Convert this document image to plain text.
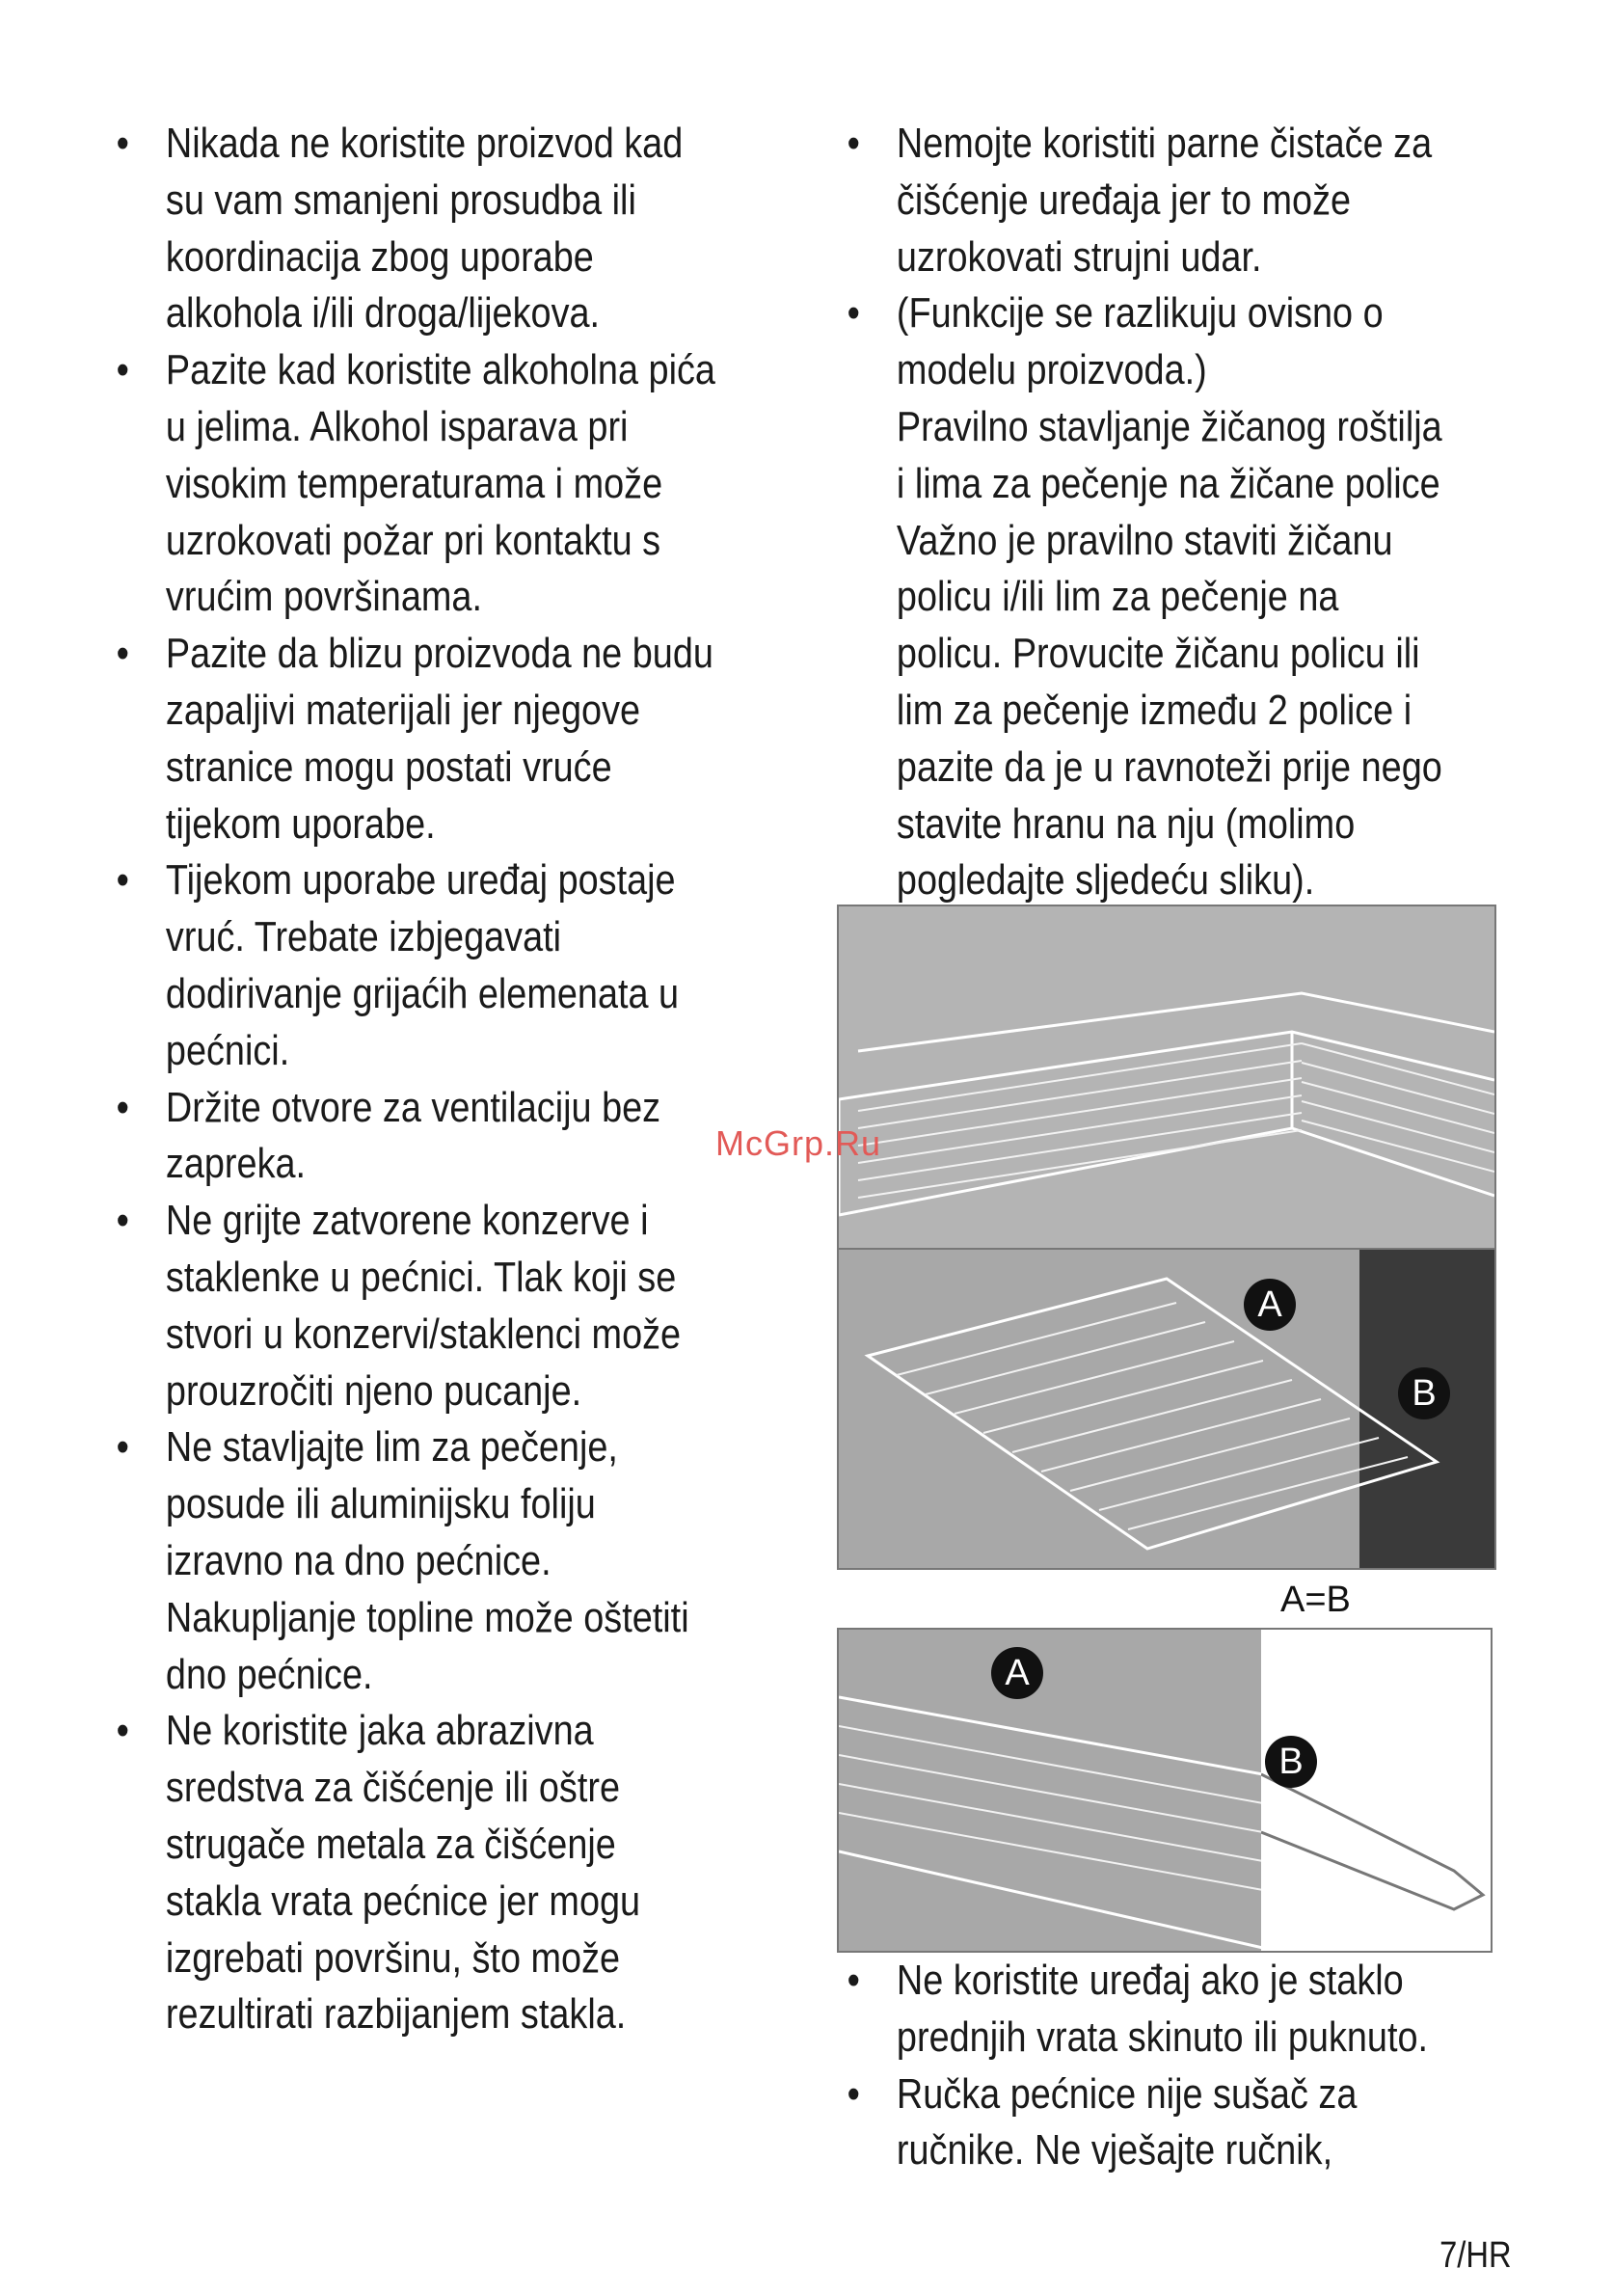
• Nikada ne koristite proizvod kad
su vam smanjeni prosudba ili
koordinacija zbog uporabe
alkohola i/ili droga/lijekova.
• Pazite kad koristite alkoholna pića
u jelima. Alkohol isparava pri
visokim temperaturama i može
uzrokovati požar pri kontaktu s
vrućim površinama.
• Pazite da blizu proizvoda ne budu
zapaljivi materijali jer njegove
stranice mogu postati vruće
tijekom uporabe.
• Tijekom uporabe uređaj postaje
vruć. Trebate izbjegavati
dodirivanje grijaćih elemenata u
pećnici.
• Držite otvore za ventilaciju bez
zapreka.
• Ne grijte zatvorene konzerve i
staklenke u pećnici. Tlak koji se
stvori u konzervi/staklenci može
prouzročiti njeno pucanje.
• Ne stavljajte lim za pečenje,
posude ili aluminijsku foliju
izravno na dno pećnice.
Nakupljanje topline može oštetiti
dno pećnice.
• Ne koristite jaka abrazivna
sredstva za čišćenje ili oštre
strugače metala za čišćenje
stakla vrata pećnice jer mogu
izgrebati površinu, što može
rezultirati razbijanjem stakla.
• Nemojte koristiti parne čistače za
čišćenje uređaja jer to može
uzrokovati strujni udar.
• (Funkcije se razlikuju ovisno o
modelu proizvoda.)
Pravilno stavljanje žičanog roštilja
i lima za pečenje na žičane police
Važno je pravilno staviti žičanu
policu i/ili lim za pečenje na
policu. Provucite žičanu policu ili
lim za pečenje između 2 police i
pazite da je u ravnoteži prije nego
stavite hranu na nju (molimo
pogledajte sljedeću sliku).
A
B
A=B
A
B
McGrp.Ru
• Ne koristite uređaj ako je staklo
prednjih vrata skinuto ili puknuto.
• Ručka pećnice nije sušač za
ručnike. Ne vješajte ručnik,
7/HR
